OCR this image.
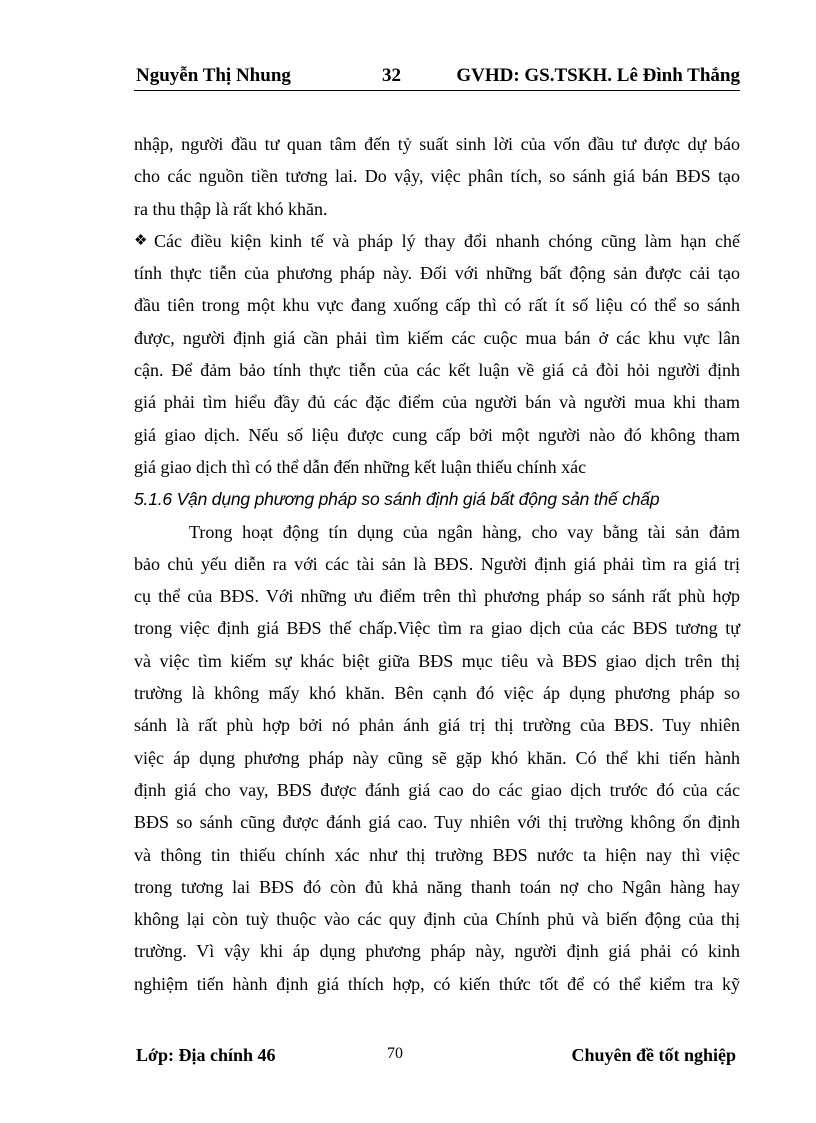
Nguyễn Thị Nhung	32	GVHD: GS.TSKH. Lê Đình Thắng
nhập, người đầu tư quan tâm đến tỷ suất sinh lời của vốn đầu tư được dự báo
cho các nguồn tiền tương lai. Do vậy, việc phân tích, so sánh giá bán BĐS tạo
ra thu thập là rất khó khăn.
❖ Các điều kiện kinh tế và pháp lý thay đổi nhanh chóng cũng làm hạn chế
tính thực tiễn của phương pháp này. Đối với những bất động sản được cải tạo
đầu tiên trong một khu vực đang xuống cấp thì có rất ít số liệu có thể so sánh
được, người định giá cần phải tìm kiếm các cuộc mua bán ở các khu vực lân
cận. Để đảm bảo tính thực tiễn của các kết luận về giá cả đòi hỏi người định
giá phải tìm hiểu đầy đủ các đặc điểm của người bán và người mua khi tham
giá giao dịch. Nếu số liệu được cung cấp bởi một người nào đó không tham
giá giao dịch thì có thể dẫn đến những kết luận thiếu chính xác
5.1.6 Vận dụng phương pháp so sánh định giá bất động sản thế chấp
Trong hoạt động tín dụng của ngân hàng, cho vay bằng tài sản đảm
bảo chủ yếu diễn ra với các tài sản là BĐS. Người định giá phải tìm ra giá trị
cụ thể của BĐS. Với những ưu điểm trên thì phương pháp so sánh rất phù hợp
trong việc định giá BĐS thế chấp.Việc tìm ra giao dịch của các BĐS tương tự
và việc tìm kiếm sự khác biệt giữa BĐS mục tiêu và BĐS giao dịch trên thị
trường là không mấy khó khăn. Bên cạnh đó việc áp dụng phương pháp so
sánh là rất phù hợp bởi nó phản ánh giá trị thị trường của BĐS. Tuy nhiên
việc áp dụng phương pháp này cũng sẽ gặp khó khăn. Có thể khi tiến hành
định giá cho vay, BĐS được đánh giá cao do các giao dịch trước đó của các
BĐS so sánh cũng được đánh giá cao. Tuy nhiên với thị trường không ổn định
và thông tin thiếu chính xác như thị trường BĐS nước ta hiện nay thì việc
trong tương lai BĐS đó còn đủ khả năng thanh toán nợ cho Ngân hàng hay
không lại còn tuỳ thuộc vào các quy định của Chính phủ và biến động của thị
trường. Vì vậy khi áp dụng phương pháp này, người định giá phải có kinh
nghiệm tiến hành định giá thích hợp, có kiến thức tốt để có thể kiểm tra kỹ
Lớp: Địa chính 46	70	Chuyên đề tốt nghiệp
